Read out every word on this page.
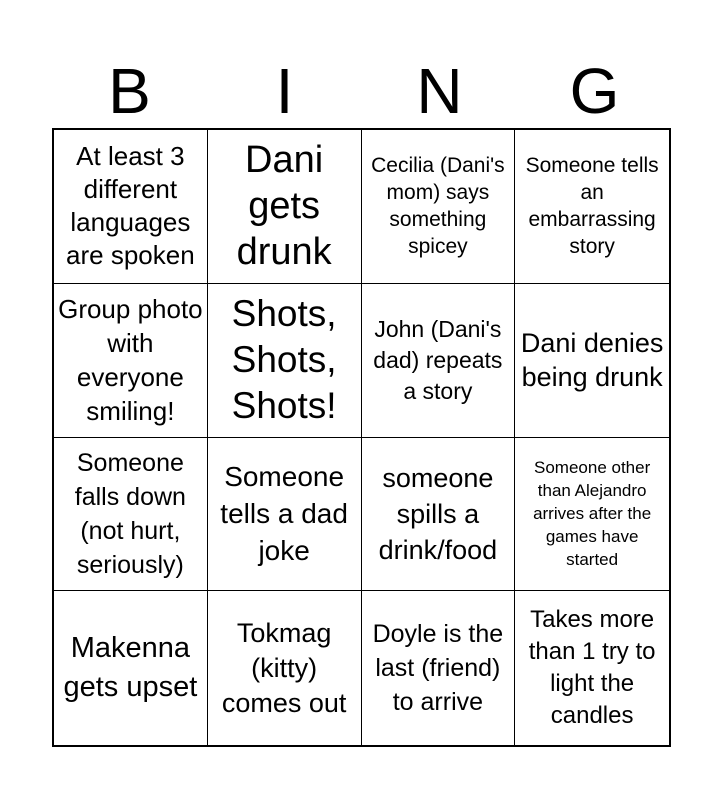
B	I	N	G
At least 3 different languages are spoken
Dani gets drunk
Cecilia (Dani's mom) says something spicey
Someone tells an embarrassing story
Group photo with everyone smiling!
Shots, Shots, Shots!
John (Dani's dad) repeats a story
Dani denies being drunk
Someone falls down (not hurt, seriously)
Someone tells a dad joke
someone spills a drink/food
Someone other than Alejandro arrives after the games have started
Makenna gets upset
Tokmag (kitty) comes out
Doyle is the last (friend) to arrive
Takes more than 1 try to light the candles
